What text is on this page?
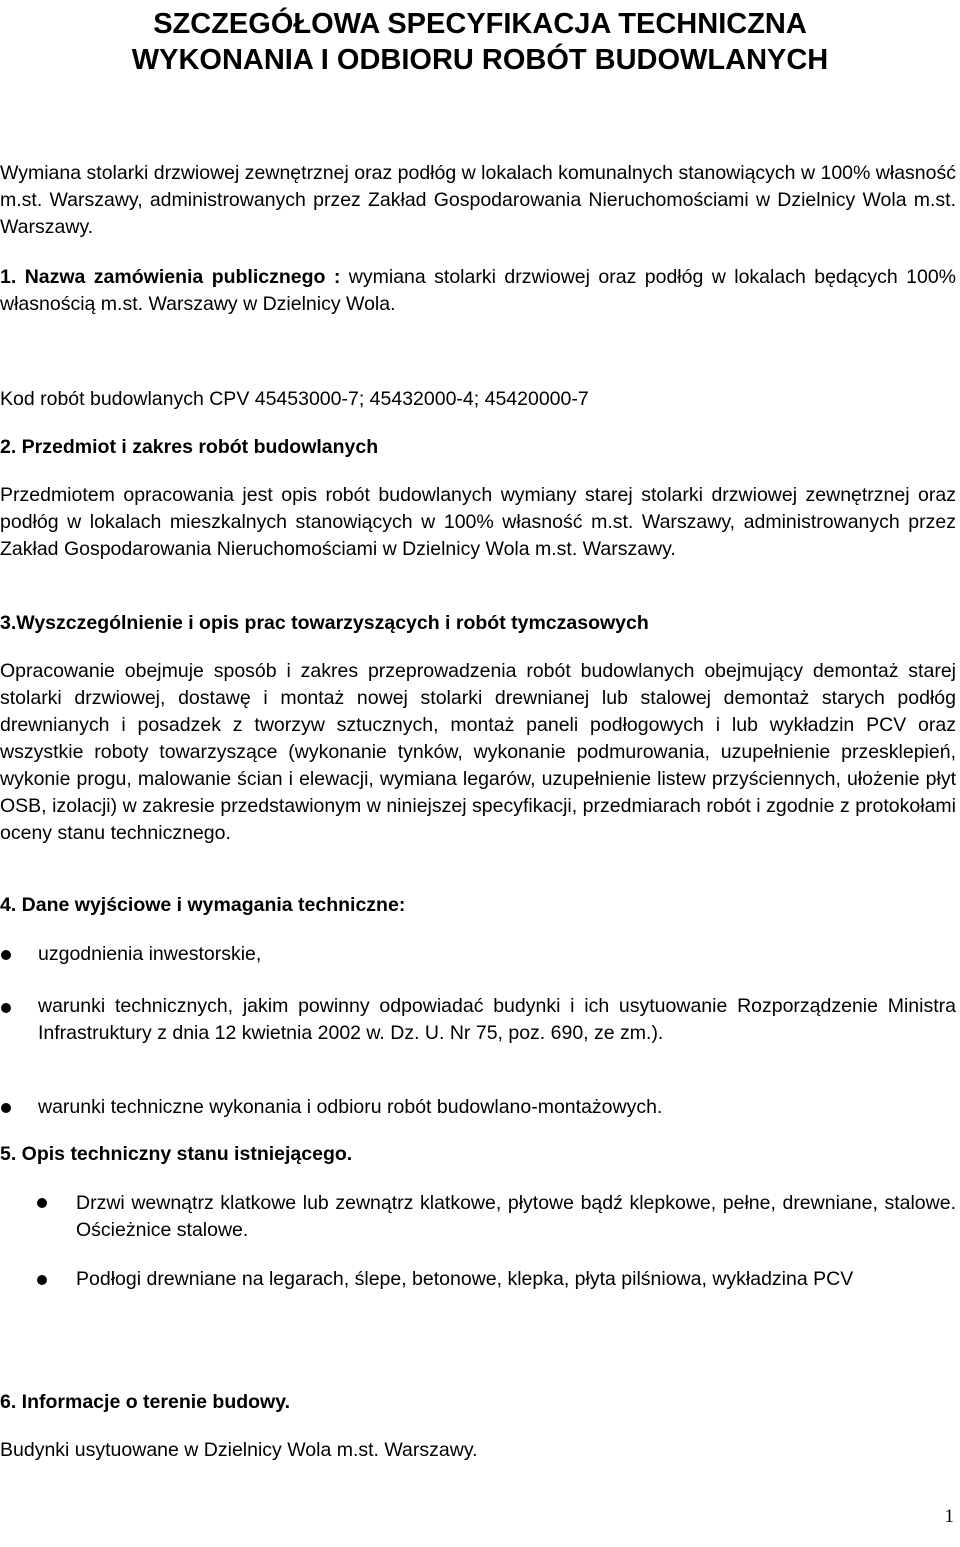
SZCZEGÓŁOWA SPECYFIKACJA TECHNICZNA
WYKONANIA I ODBIORU ROBÓT BUDOWLANYCH
Wymiana stolarki drzwiowej zewnętrznej oraz podłóg w lokalach komunalnych stanowiących w 100% własność m.st. Warszawy, administrowanych przez Zakład Gospodarowania Nieruchomościami w Dzielnicy Wola m.st. Warszawy.
1. Nazwa zamówienia publicznego : wymiana stolarki drzwiowej oraz podłóg w lokalach będących 100% własnością m.st. Warszawy w Dzielnicy Wola.
Kod robót budowlanych CPV 45453000-7; 45432000-4; 45420000-7
2. Przedmiot i zakres robót budowlanych
Przedmiotem opracowania jest opis robót budowlanych wymiany starej stolarki drzwiowej zewnętrznej oraz podłóg w lokalach mieszkalnych stanowiących w 100% własność m.st. Warszawy, administrowanych przez Zakład Gospodarowania Nieruchomościami w Dzielnicy Wola m.st. Warszawy.
3.Wyszczególnienie i opis prac towarzyszących i robót tymczasowych
Opracowanie obejmuje sposób i zakres przeprowadzenia robót budowlanych obejmujący demontaż starej stolarki drzwiowej, dostawę i montaż nowej stolarki drewnianej lub stalowej demontaż starych podłóg drewnianych i posadzek z tworzyw sztucznych, montaż paneli podłogowych i lub wykładzin PCV oraz wszystkie roboty towarzyszące (wykonanie tynków, wykonanie podmurowania, uzupełnienie przesklepień, wykonie progu, malowanie ścian i elewacji, wymiana legarów, uzupełnienie listew przyściennych, ułożenie płyt OSB, izolacji) w zakresie przedstawionym w niniejszej specyfikacji, przedmiarach robót i zgodnie z protokołami oceny stanu technicznego.
4. Dane wyjściowe i wymagania techniczne:
uzgodnienia inwestorskie,
warunki technicznych, jakim powinny odpowiadać budynki i ich usytuowanie Rozporządzenie Ministra Infrastruktury z dnia 12 kwietnia 2002 w. Dz. U. Nr 75, poz. 690, ze zm.).
warunki techniczne wykonania i odbioru robót budowlano-montażowych.
5. Opis techniczny stanu istniejącego.
Drzwi wewnątrz klatkowe lub zewnątrz klatkowe, płytowe bądź klepkowe, pełne, drewniane, stalowe. Ościeżnice stalowe.
Podłogi drewniane na legarach, ślepe, betonowe, klepka, płyta pilśniowa, wykładzina PCV
6. Informacje o terenie budowy.
Budynki usytuowane w Dzielnicy Wola m.st. Warszawy.
1
